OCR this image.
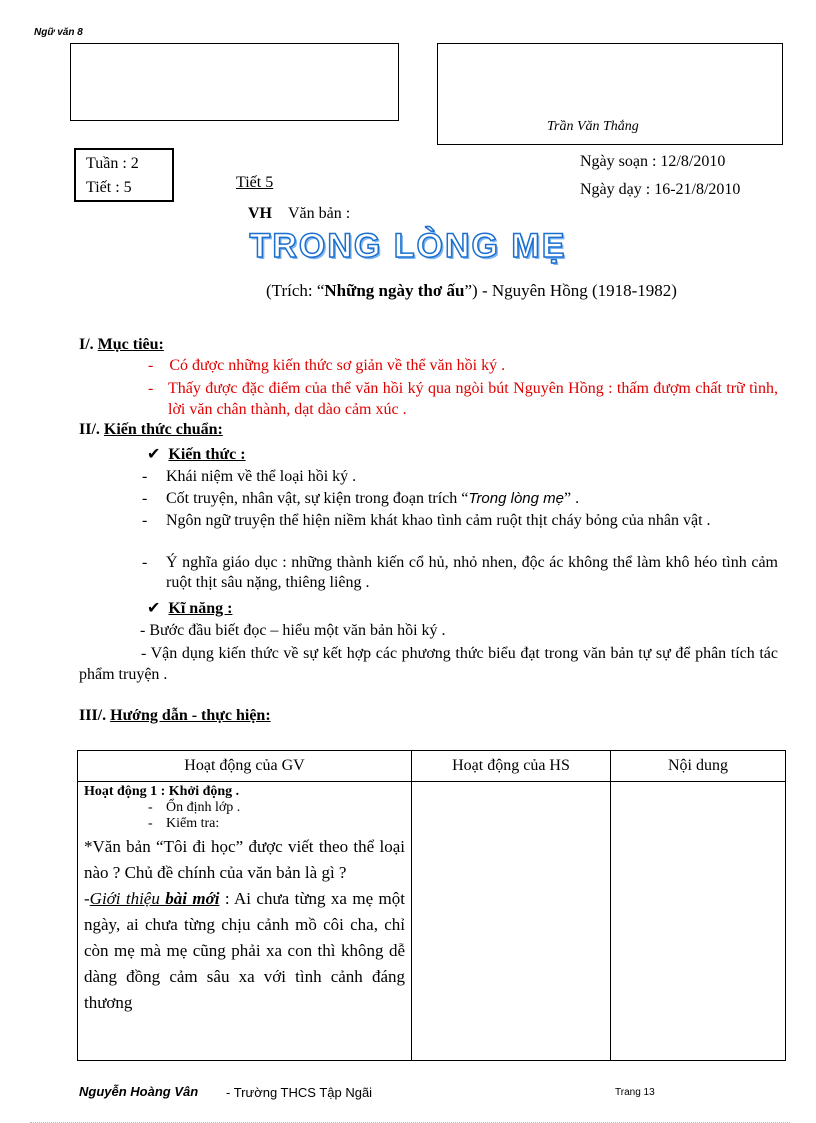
Ngữ văn 8
Trần Văn Thắng
Tuần : 2
Tiết : 5	Tiết 5
Ngày soạn : 12/8/2010
Ngày dạy : 16-21/8/2010
VH Văn bản :
TRONG LÒNG MẸ
(Trích: “Những ngày thơ ấu”) - Nguyên Hồng (1918-1982)
I/. Mục tiêu:
-    Có được những kiến thức sơ giản về thể văn hồi ký .
- Thấy được đặc điểm của thể văn hồi ký qua ngòi bút Nguyên Hồng : thấm đượm chất trữ tình, lời văn chân thành, dạt dào cảm xúc .
II/. Kiến thức chuẩn:
✔ Kiến thức :
- Khái niệm về thể loại hồi ký .
- Cốt truyện, nhân vật, sự kiện trong đoạn trích “Trong lòng mẹ” .
- Ngôn ngữ truyện thể hiện niềm khát khao tình cảm ruột thịt cháy bỏng của nhân vật .
- Ý nghĩa giáo dục : những thành kiến cổ hủ, nhỏ nhen, độc ác không thể làm khô héo tình cảm ruột thịt sâu nặng, thiêng liêng .
✔ Kĩ năng :
- Bước đầu biết đọc – hiểu một văn bản hồi ký .
- Vận dụng kiến thức về sự kết hợp các phương thức biểu đạt trong văn bản tự sự để phân tích tác phẩm truyện .
III/. Hướng dẫn - thực hiện:
Hoạt động của GV	Hoạt động của HS	Nội dung

Hoạt động 1 : Khởi động .
- Ổn định lớp .
- Kiểm tra:
*Văn bản “Tôi đi học” được viết theo thể loại nào ? Chủ đề chính của văn bản là gì ?
-Giới thiệu bài mới : Ai chưa từng xa mẹ một ngày, ai chưa từng chịu cảnh mồ côi cha, chỉ còn mẹ mà mẹ cũng phải xa con thì không dễ dàng đồng cảm sâu xa với tình cảnh đáng thương		

Nguyễn Hoàng Vân - Trường THCS Tập Ngãi	Trang 13
